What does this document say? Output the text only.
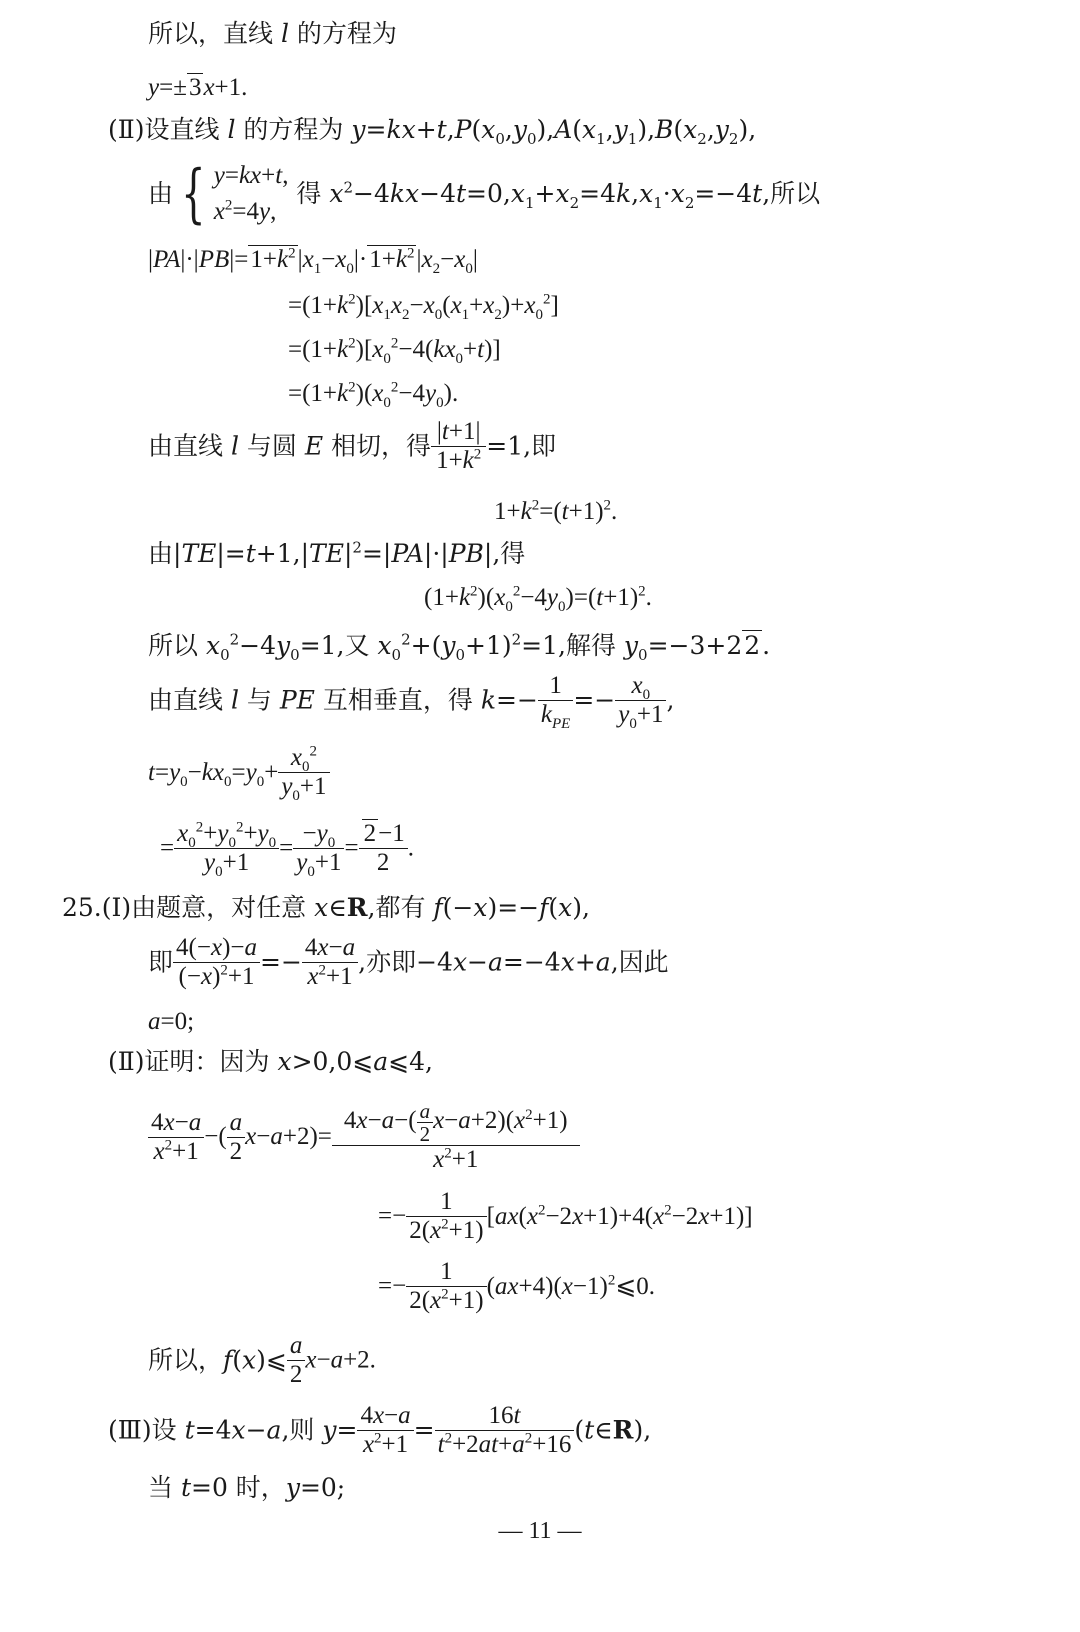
所以，直线 l 的方程为
y=±3x+1.
(Ⅱ)设直线 l 的方程为 $y=kx+t,P(x_0,y_0),A(x_1,y_1),B(x_2,y_2)$,
由 { y=kx+t,
$x^2=4y$,
得 $x^2-4kx-4t=0,x_1+x_2=4k,x_1\cdot x_2=-4t$,所以
$|PA|\cdot|PB|=1+k^2|x_1-x_0|\cdot 1+k^2|x_2-x_0|$
$=(1+k^2)[x_1x_2-x_0(x_1+x_2)+x_0^2]$
$=(1+k^2)[x_0^2-4(kx_0+t)]$
$=(1+k^2)(x_0^2-4y_0)$.
由直线 l 与圆 E 相切，得 $\frac{|t+1|}{1+k^2} =1$,即
$1+k^2=(t+1)^2$.
由$|TE|=t+1,|TE|^2=|PA|\cdot|PB|$,得
$(1+k^2)(x_0^2-4y_0)=(t+1)^2$.
所以 $x_0^2-4y_0=1$,又 $x_0^2+(y_0+1)^2=1$,解得 $y_0=-3+22$.
由直线 l 与 PE 互相垂直，得 $k=- \frac{1}{k_{PE}} =- \frac{x_0}{y_0+1}$ ,
$t=y_0-kx_0=y_0+ \frac{x_0^2}{y_0+1}$
= $\frac{x_0^2+y_0^2+y_0}{y_0+1} = \frac{-y_0}{y_0+1} = \frac{2-1}{2}$ .
25.(Ⅰ)由题意，对任意 x∈R,都有 f(−x)=−f(x),
即 $\frac{4(-x)-a}{(-x)^2+1} =- \frac{4x-a}{x^2+1}$ ,亦即−4x−a=−4x+a,因此
a=0;
(Ⅱ)证明：因为 x>0,0⩽a⩽4,
$\frac{4x-a}{x^2+1}$ −( $\frac{a}{2} x-a+2)= \frac{4x-a-( \frac{a}{2} x-a+2)(x^2+1)}{x^2+1}$
=− $\frac{1}{2(x^2+1)} [ax(x^2-2x+1)+4(x^2-2x+1)]$
=− $\frac{1}{2(x^2+1)}$ $(ax+4)(x-1)^2⩽0$.
所以，f(x)⩽ $\frac{a}{2} x-a+2$.
(Ⅲ)设 t=4x−a,则 $y= \frac{4x-a}{x^2+1} = \frac{16t}{t^2+2at+a^2+16}$ (t∈R),
当 t=0 时，y=0;
— 11 —
